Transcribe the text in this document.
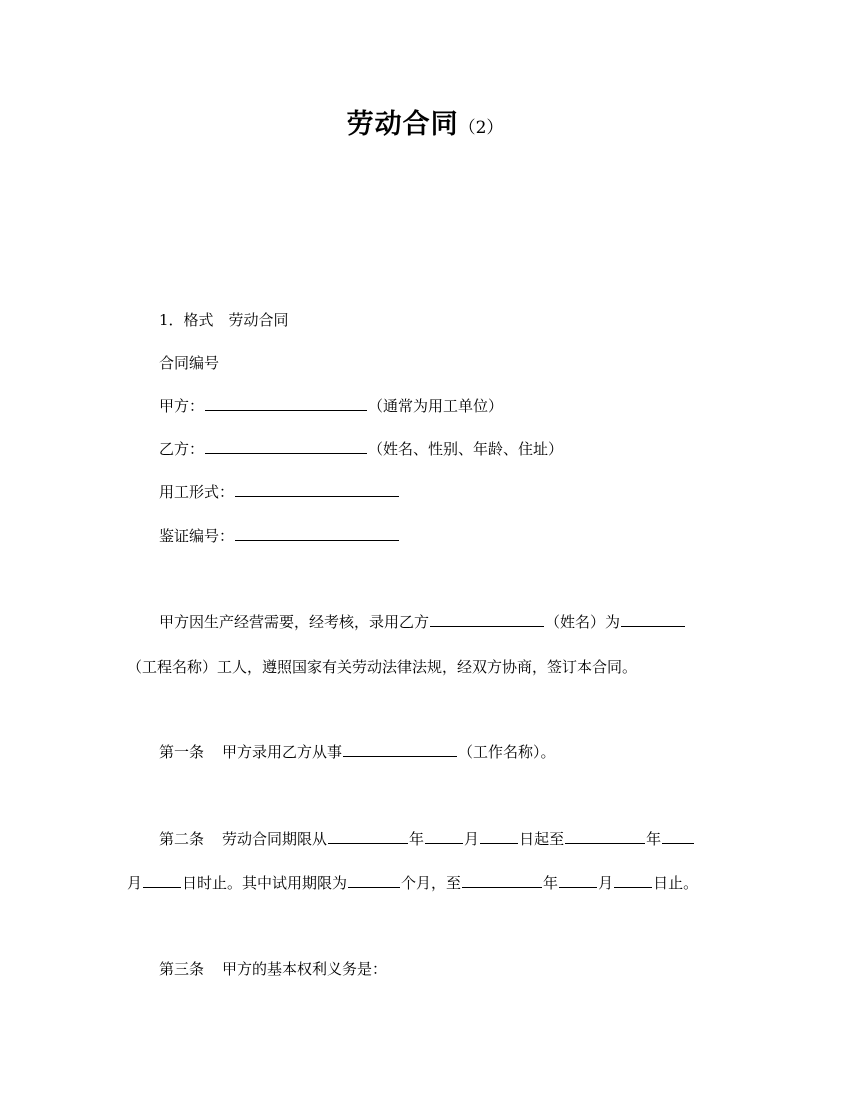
劳动合同（2）
1．格式　劳动合同
合同编号
甲方：	（通常为用工单位）
乙方：	（姓名、性别、年龄、住址）
用工形式：
鉴证编号：
甲方因生产经营需要，经考核，录用乙方	（姓名）为
（工程名称）工人，遵照国家有关劳动法律法规，经双方协商，签订本合同。
第一条 甲方录用乙方从事	（工作名称）。
第二条 劳动合同期限从	年	月	日起至	年
月	日时止。其中试用期限为	个月，至	年	月	日止。
第三条 甲方的基本权利义务是：
